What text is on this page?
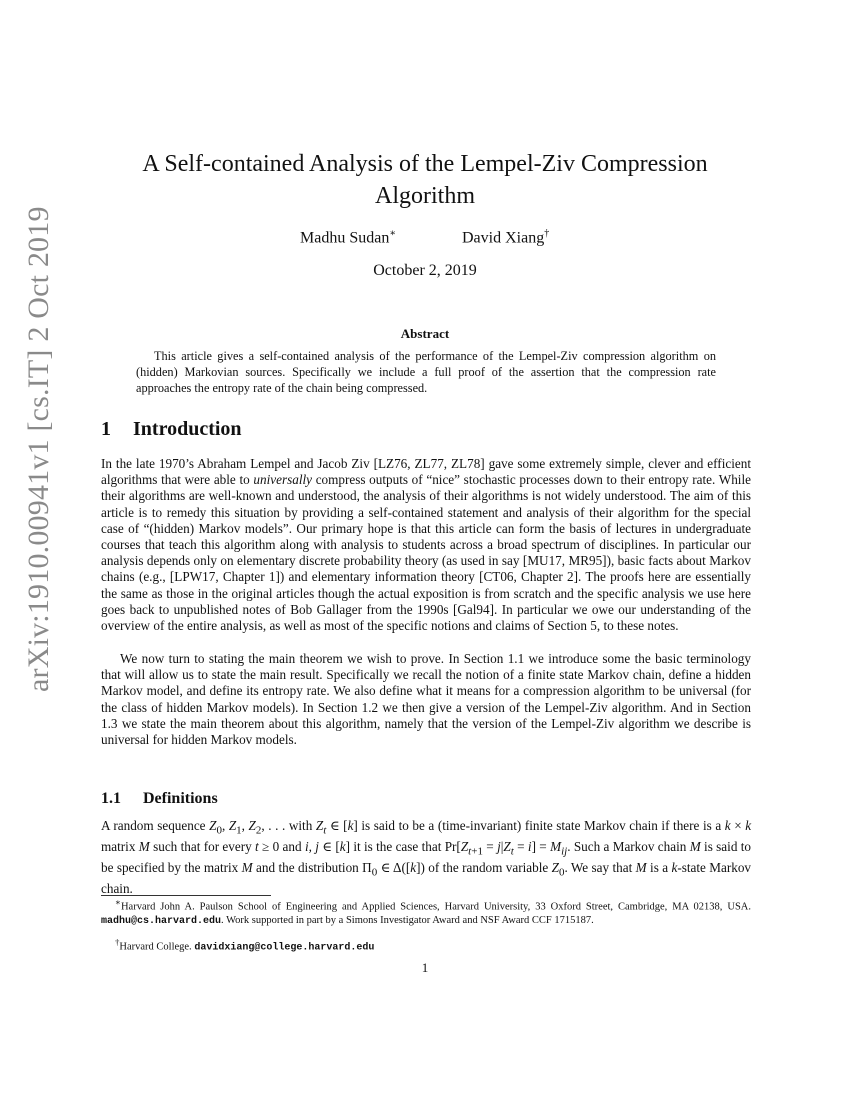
arXiv:1910.00941v1 [cs.IT] 2 Oct 2019
A Self-contained Analysis of the Lempel-Ziv Compression Algorithm
Madhu Sudan∗	David Xiang†
October 2, 2019
Abstract

This article gives a self-contained analysis of the performance of the Lempel-Ziv compression algorithm on (hidden) Markovian sources. Specifically we include a full proof of the assertion that the compression rate approaches the entropy rate of the chain being compressed.

1 Introduction

In the late 1970’s Abraham Lempel and Jacob Ziv [LZ76, ZL77, ZL78] gave some extremely simple, clever and efficient algorithms that were able to universally compress outputs of “nice” stochastic processes down to their entropy rate. While their algorithms are well-known and understood, the analysis of their algorithms is not widely understood. The aim of this article is to remedy this situation by providing a self-contained statement and analysis of their algorithm for the special case of “(hidden) Markov models”. Our primary hope is that this article can form the basis of lectures in undergraduate courses that teach this algorithm along with analysis to students across a broad spectrum of disciplines. In particular our analysis depends only on elementary discrete probability theory (as used in say [MU17, MR95]), basic facts about Markov chains (e.g., [LPW17, Chapter 1]) and elementary information theory [CT06, Chapter 2]. The proofs here are essentially the same as those in the original articles though the actual exposition is from scratch and the specific analysis we use here goes back to unpublished notes of Bob Gallager from the 1990s [Gal94]. In particular we owe our understanding of the overview of the entire analysis, as well as most of the specific notions and claims of Section 5, to these notes.

We now turn to stating the main theorem we wish to prove. In Section 1.1 we introduce some the basic terminology that will allow us to state the main result. Specifically we recall the notion of a finite state Markov chain, define a hidden Markov model, and define its entropy rate. We also define what it means for a compression algorithm to be universal (for the class of hidden Markov models). In Section 1.2 we then give a version of the Lempel-Ziv algorithm. And in Section 1.3 we state the main theorem about this algorithm, namely that the version of the Lempel-Ziv algorithm we describe is universal for hidden Markov models.

1.1 Definitions

A random sequence $Z_0$, $Z_1$, $Z_2$, . . . with $Z_t$ ∈ [k] is said to be a (time-invariant) finite state Markov chain if there is a k × k matrix M such that for every t ≥ 0 and i, j ∈ [k] it is the case that $Pr[Z_{t+1} = j|Z_t = i] = M_{ij}$. Such a Markov chain M is said to be specified by the matrix M and the distribution $\Pi_0$ ∈ Δ([k]) of the random variable $Z_0$. We say that M is a k-state Markov chain.

∗Harvard John A. Paulson School of Engineering and Applied Sciences, Harvard University, 33 Oxford Street, Cambridge, MA 02138, USA. madhu@cs.harvard.edu. Work supported in part by a Simons Investigator Award and NSF Award CCF 1715187.

†Harvard College. davidxiang@college.harvard.edu

1
